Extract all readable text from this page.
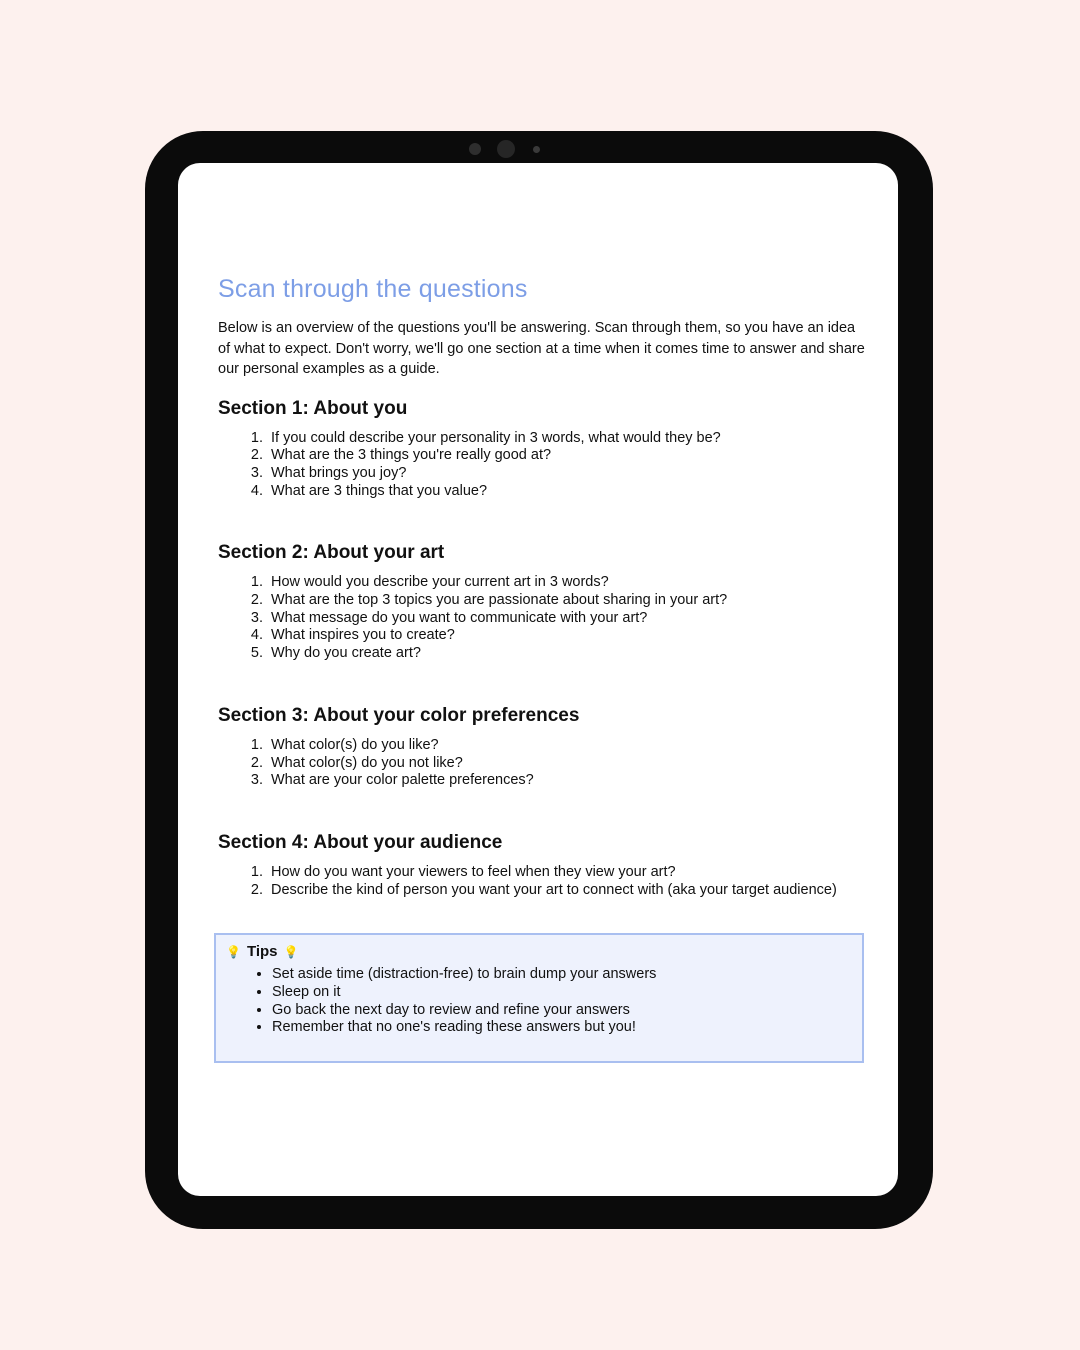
Scan through the questions

Below is an overview of the questions you'll be answering. Scan through them, so you have an idea of what to expect. Don't worry, we'll go one section at a time when it comes time to answer and share our personal examples as a guide.

Section 1: About you
1. If you could describe your personality in 3 words, what would they be?
2. What are the 3 things you're really good at?
3. What brings you joy?
4. What are 3 things that you value?
Section 2: About your art
1. How would you describe your current art in 3 words?
2. What are the top 3 topics you are passionate about sharing in your art?
3. What message do you want to communicate with your art?
4. What inspires you to create?
5. Why do you create art?
Section 3: About your color preferences
1. What color(s) do you like?
2. What color(s) do you not like?
3. What are your color palette preferences?
Section 4: About your audience
1. How do you want your viewers to feel when they view your art?
2. Describe the kind of person you want your art to connect with (aka your target audience)
💡 Tips 💡
• Set aside time (distraction-free) to brain dump your answers
• Sleep on it
• Go back the next day to review and refine your answers
• Remember that no one's reading these answers but you!
